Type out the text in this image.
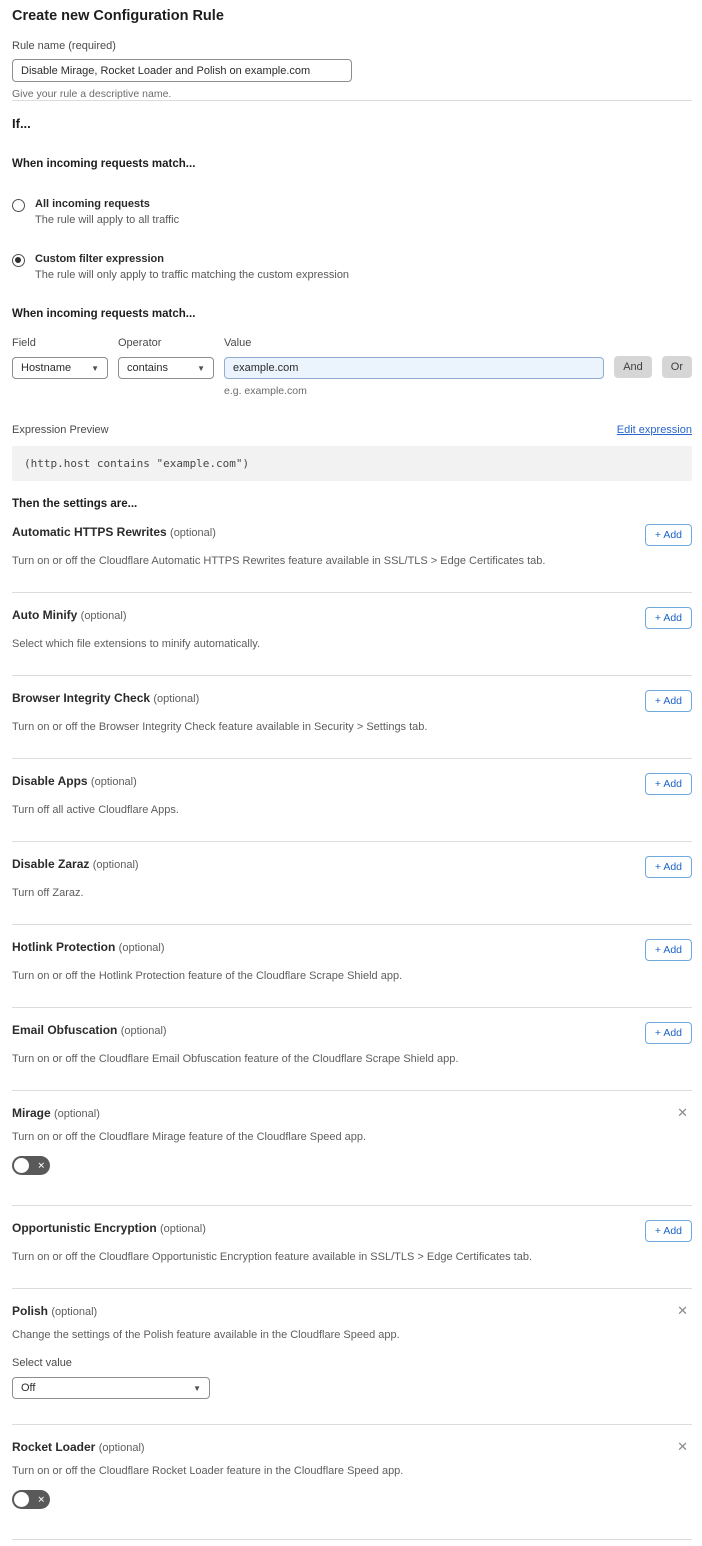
Create new Configuration Rule
Rule name (required)
Disable Mirage, Rocket Loader and Polish on example.com
Give your rule a descriptive name.
If...
When incoming requests match...
All incoming requests
The rule will apply to all traffic
Custom filter expression
The rule will only apply to traffic matching the custom expression
When incoming requests match...
Field
Hostname ▼
Operator
contains	▼
Value
example.com
e.g. example.com
And	Or
Expression Preview	Edit expression
(http.host contains "example.com")
Then the settings are...
Automatic HTTPS Rewrites (optional)	+ Add
Turn on or off the Cloudflare Automatic HTTPS Rewrites feature available in SSL/TLS > Edge Certificates tab.
Auto Minify (optional)	+ Add
Select which file extensions to minify automatically.
Browser Integrity Check (optional)	+ Add
Turn on or off the Browser Integrity Check feature available in Security > Settings tab.
Disable Apps (optional)	+ Add
Turn off all active Cloudflare Apps.
Disable Zaraz (optional)	+ Add
Turn off Zaraz.
Hotlink Protection (optional)	+ Add
Turn on or off the Hotlink Protection feature of the Cloudflare Scrape Shield app.
Email Obfuscation (optional)	+ Add
Turn on or off the Cloudflare Email Obfuscation feature of the Cloudflare Scrape Shield app.
Mirage (optional)	✕
Turn on or off the Cloudflare Mirage feature of the Cloudflare Speed app.
✕
Opportunistic Encryption (optional)	+ Add
Turn on or off the Cloudflare Opportunistic Encryption feature available in SSL/TLS > Edge Certificates tab.
Polish (optional)	✕
Change the settings of the Polish feature available in the Cloudflare Speed app.
Select value
Off	▼
Rocket Loader (optional)	✕
Turn on or off the Cloudflare Rocket Loader feature in the Cloudflare Speed app.
✕
